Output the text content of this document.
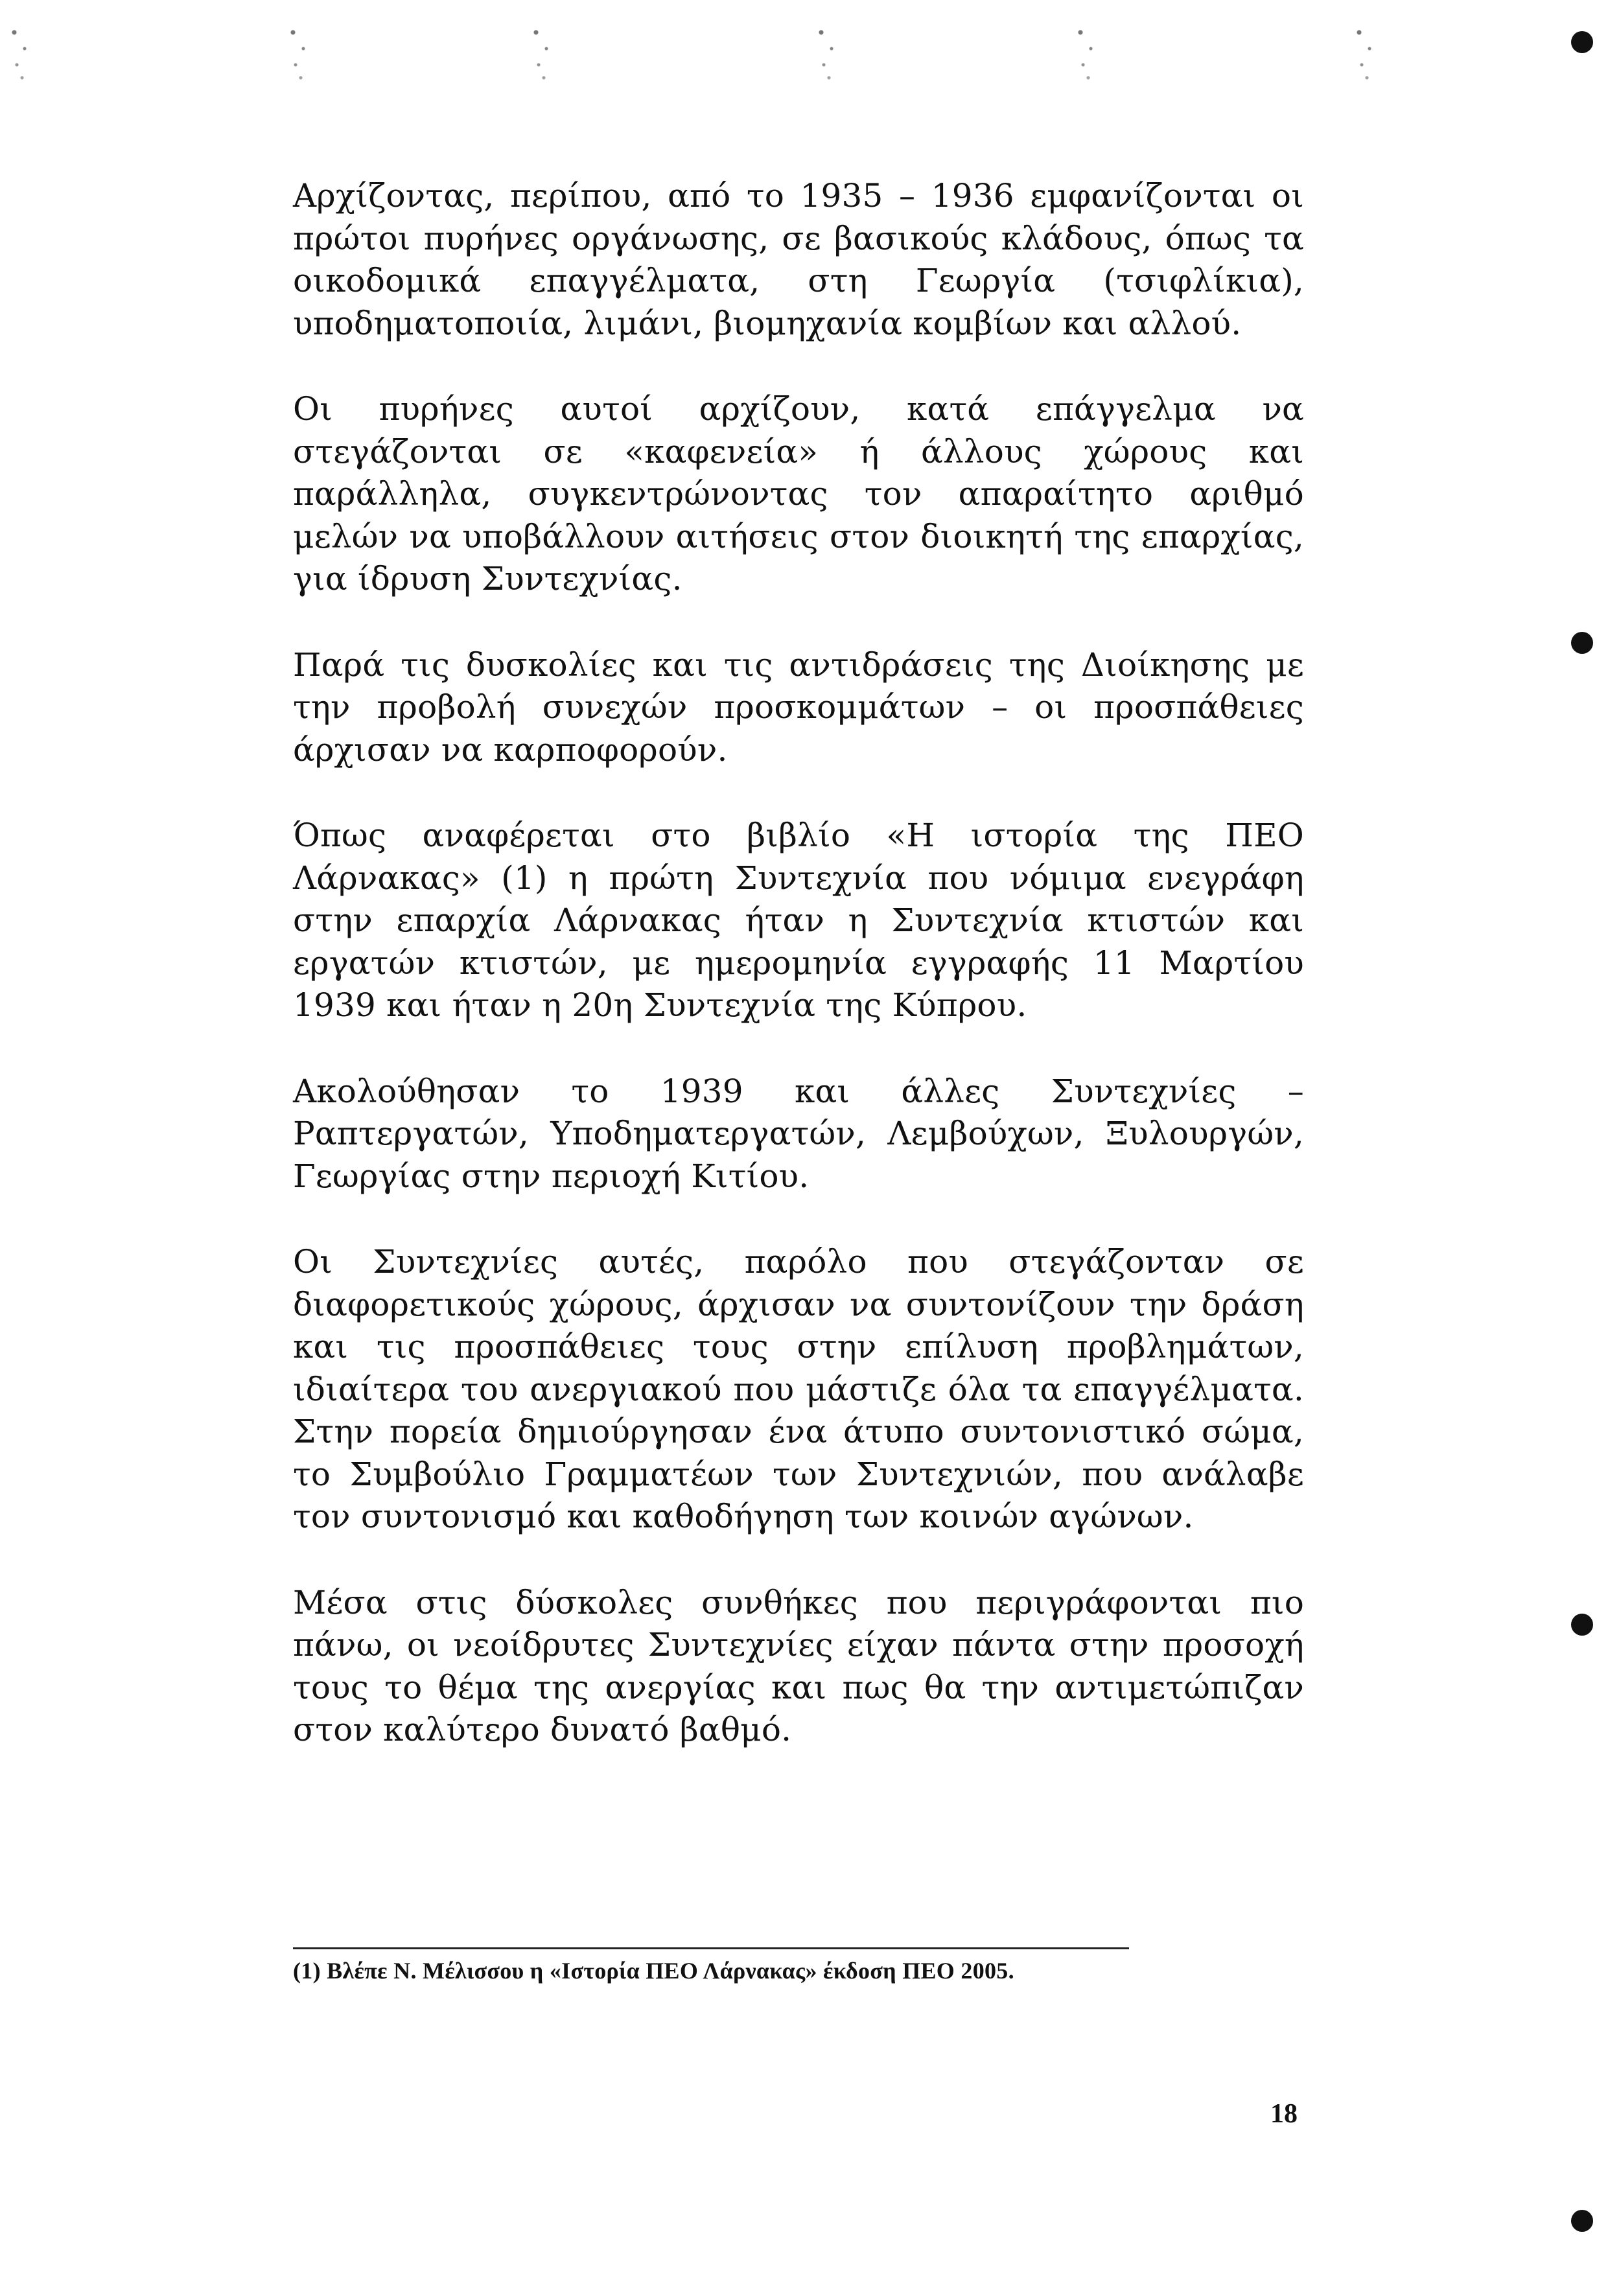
Αρχίζοντας, περίπου, από το 1935 – 1936 εμφανίζονται οι πρώτοι πυρήνες οργάνωσης, σε βασικούς κλάδους, όπως τα οικοδομικά επαγγέλματα, στη Γεωργία (τσιφλίκια), υποδηματοποιία, λιμάνι, βιομηχανία κομβίων και αλλού.

Οι πυρήνες αυτοί αρχίζουν, κατά επάγγελμα να στεγάζονται σε «καφενεία» ή άλλους χώρους και παράλληλα, συγκεντρώνοντας τον απαραίτητο αριθμό μελών να υποβάλλουν αιτήσεις στον διοικητή της επαρχίας, για ίδρυση Συντεχνίας.

Παρά τις δυσκολίες και τις αντιδράσεις της Διοίκησης με την προβολή συνεχών προσκομμάτων – οι προσπάθειες άρχισαν να καρποφορούν.

Όπως αναφέρεται στο βιβλίο «Η ιστορία της ΠΕΟ Λάρνακας» (1) η πρώτη Συντεχνία που νόμιμα ενεγράφη στην επαρχία Λάρνακας ήταν η Συντεχνία κτιστών και εργατών κτιστών, με ημερομηνία εγγραφής 11 Μαρτίου 1939 και ήταν η 20η Συντεχνία της Κύπρου.

Ακολούθησαν το 1939 και άλλες Συντεχνίες – Ραπτεργατών, Υποδηματεργατών, Λεμβούχων, Ξυλουργών, Γεωργίας στην περιοχή Κιτίου.

Οι Συντεχνίες αυτές, παρόλο που στεγάζονταν σε διαφορετικούς χώρους, άρχισαν να συντονίζουν την δράση και τις προσπάθειες τους στην επίλυση προβλημάτων, ιδιαίτερα του ανεργιακού που μάστιζε όλα τα επαγγέλματα. Στην πορεία δημιούργησαν ένα άτυπο συντονιστικό σώμα, το Συμβούλιο Γραμματέων των Συντεχνιών, που ανάλαβε τον συντονισμό και καθοδήγηση των κοινών αγώνων.

Μέσα στις δύσκολες συνθήκες που περιγράφονται πιο πάνω, οι νεοίδρυτες Συντεχνίες είχαν πάντα στην προσοχή τους το θέμα της ανεργίας και πως θα την αντιμετώπιζαν στον καλύτερο δυνατό βαθμό.

(1) Βλέπε Ν. Μέλισσου η «Ιστορία ΠΕΟ Λάρνακας» έκδοση ΠΕΟ 2005.
18
